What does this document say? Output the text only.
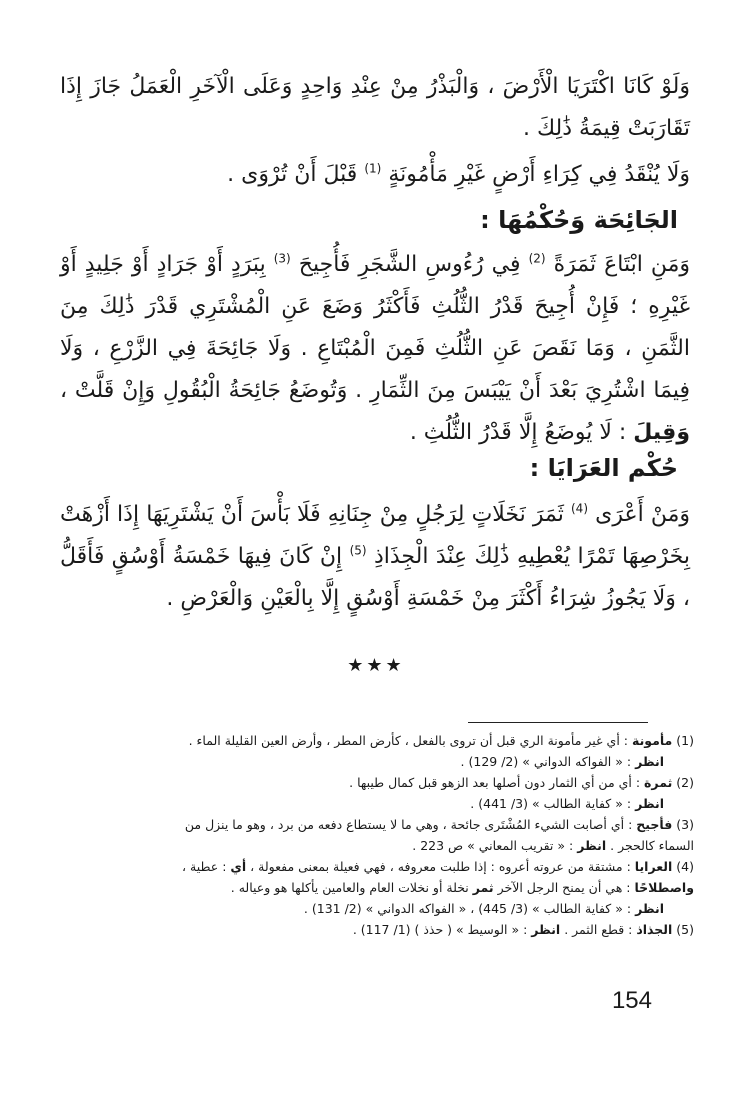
وَلَوْ كَانَا اكْتَرَيَا الْأَرْضَ ، وَالْبَذْرُ مِنْ عِنْدِ وَاحِدٍ وَعَلَى الْآخَرِ الْعَمَلُ جَازَ إِذَا تَقَارَبَتْ قِيمَةُ ذَٰلِكَ .

وَلَا يُنْقَدُ فِي كِرَاءِ أَرْضٍ غَيْرِ مَأْمُونَةٍ $^{(1)}$ قَبْلَ أَنْ تُرْوَى .

الجَائِحَة وَحُكْمُهَا :

وَمَنِ ابْتَاعَ ثَمَرَةً $^{(2)}$ فِي رُءُوسِ الشَّجَرِ فَأُجِيحَ $^{(3)}$ بِبَرَدٍ أَوْ جَرَادٍ أَوْ جَلِيدٍ أَوْ غَيْرِهِ ؛ فَإِنْ أُجِيحَ قَدْرُ الثُّلُثِ فَأَكْثَرُ وَضَعَ عَنِ الْمُشْتَرِي قَدْرَ ذَٰلِكَ مِنَ الثَّمَنِ ، وَمَا نَقَصَ عَنِ الثُّلُثِ فَمِنَ الْمُبْتَاعِ . وَلَا جَائِحَةَ فِي الزَّرْعِ ، وَلَا فِيمَا اشْتُرِيَ بَعْدَ أَنْ يَيْبَسَ مِنَ الثِّمَارِ . وَتُوضَعُ جَائِحَةُ الْبُقُولِ وَإِنْ قَلَّتْ ، وَقِيلَ : لَا يُوضَعُ إِلَّا قَدْرُ الثُّلُثِ .

حُكْم العَرَايَا :

وَمَنْ أَعْرَى $^{(4)}$ ثَمَرَ نَخَلَاتٍ لِرَجُلٍ مِنْ جِنَانِهِ فَلَا بَأْسَ أَنْ يَشْتَرِيَهَا إِذَا أَزْهَتْ بِخَرْصِهَا تَمْرًا يُعْطِيهِ ذَٰلِكَ عِنْدَ الْجِذَاذِ $^{(5)}$ إِنْ كَانَ فِيهَا خَمْسَةُ أَوْسُقٍ فَأَقَلُّ ، وَلَا يَجُوزُ شِرَاءُ أَكْثَرَ مِنْ خَمْسَةِ أَوْسُقٍ إِلَّا بِالْعَيْنِ وَالْعَرْضِ .

★★★
(1) مأمونة : أي غير مأمونة الري قبل أن تروى بالفعل ، كأرض المطر ، وأرض العين القليلة الماء .
انظر : « الفواكه الدواني » (2/ 129) .
(2) ثمرة : أي من أي الثمار دون أصلها بعد الزهو قبل كمال طيبها .
انظر : « كفاية الطالب » (3/ 441) .
(3) فأجيح : أي أصابت الشيء المُشْتَرى جائحة ، وهي ما لا يستطاع دفعه من برد ، وهو ما ينزل من
السماء كالحجر . انظر : « تقريب المعاني » ص 223 .
(4) العرايا : مشتقة من عروته أعروه : إذا طلبت معروفه ، فهي فعيلة بمعنى مفعولة ، أي : عطية ،
واصطلاحًا : هي أن يمنح الرجل الآخر ثمر نخلة أو نخلات العام والعامين يأكلها هو وعياله .
انظر : « كفاية الطالب » (3/ 445) ، « الفواكه الدواني » (2/ 131) .
(5) الجذاذ : قطع الثمر . انظر : « الوسيط » ( حذذ ) (1/ 117) .
154
